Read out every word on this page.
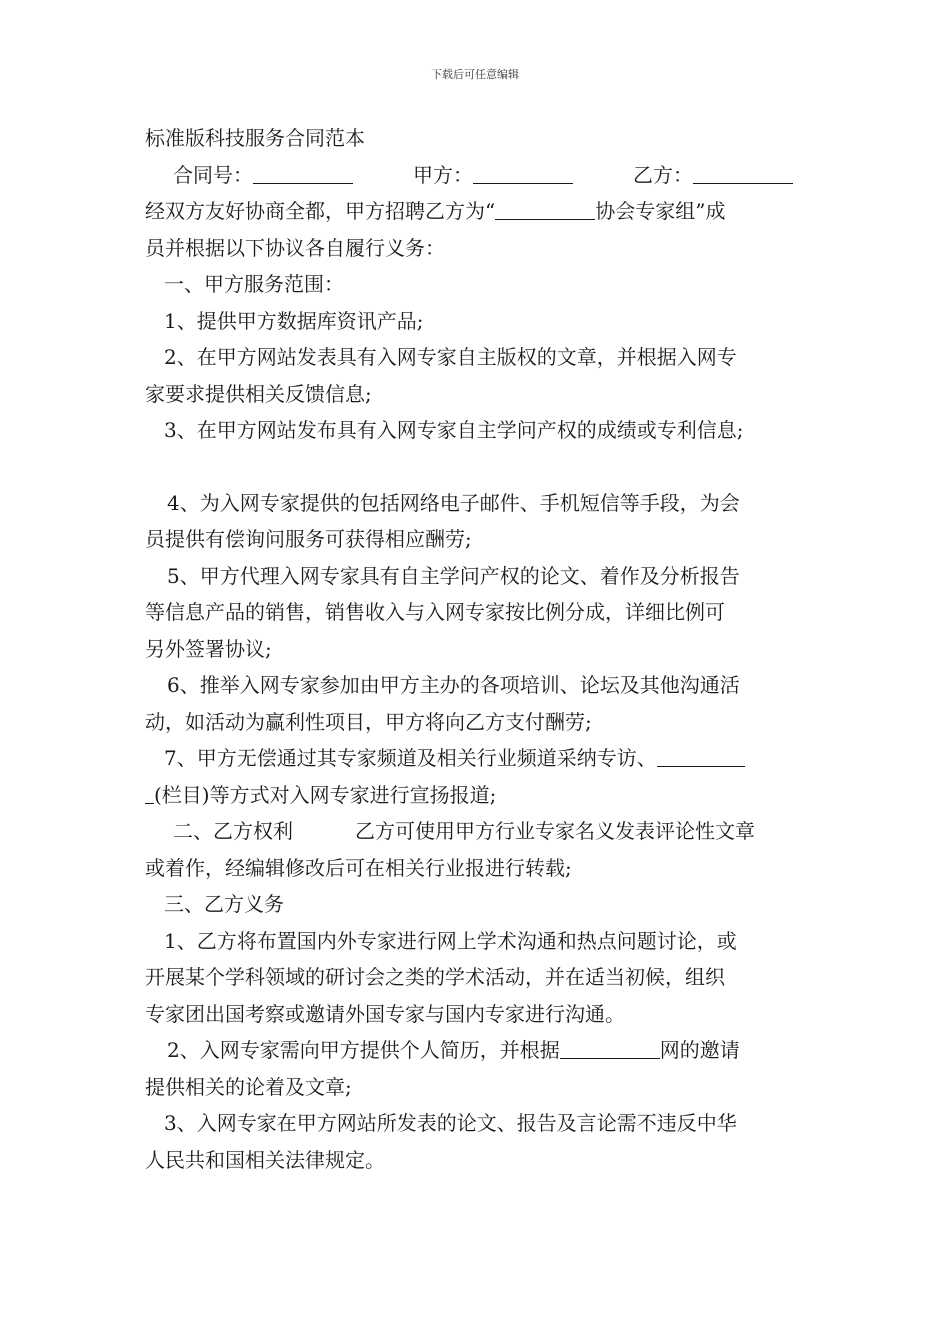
下载后可任意编辑
标准版科技服务合同范本
合同号：	甲方：	乙方：
经双方友好协商全都，甲方招聘乙方为“	协会专家组”成
员并根据以下协议各自履行义务：
一、甲方服务范围：
1、提供甲方数据库资讯产品;
2、在甲方网站发表具有入网专家自主版权的文章，并根据入网专
家要求提供相关反馈信息;
3、在甲方网站发布具有入网专家自主学问产权的成绩或专利信息;
4、为入网专家提供的包括网络电子邮件、手机短信等手段，为会
员提供有偿询问服务可获得相应酬劳;
5、甲方代理入网专家具有自主学问产权的论文、着作及分析报告
等信息产品的销售，销售收入与入网专家按比例分成，详细比例可
另外签署协议;
6、推举入网专家参加由甲方主办的各项培训、论坛及其他沟通活
动，如活动为赢利性项目，甲方将向乙方支付酬劳;
7、甲方无偿通过其专家频道及相关行业频道采纳专访、
(栏目)等方式对入网专家进行宣扬报道;
二、乙方权利	乙方可使用甲方行业专家名义发表评论性文章
或着作，经编辑修改后可在相关行业报进行转载;
三、乙方义务
1、乙方将布置国内外专家进行网上学术沟通和热点问题讨论，或
开展某个学科领域的研讨会之类的学术活动，并在适当初候，组织
专家团出国考察或邀请外国专家与国内专家进行沟通。
2、入网专家需向甲方提供个人简历，并根据	网的邀请
提供相关的论着及文章;
3、入网专家在甲方网站所发表的论文、报告及言论需不违反中华
人民共和国相关法律规定。
